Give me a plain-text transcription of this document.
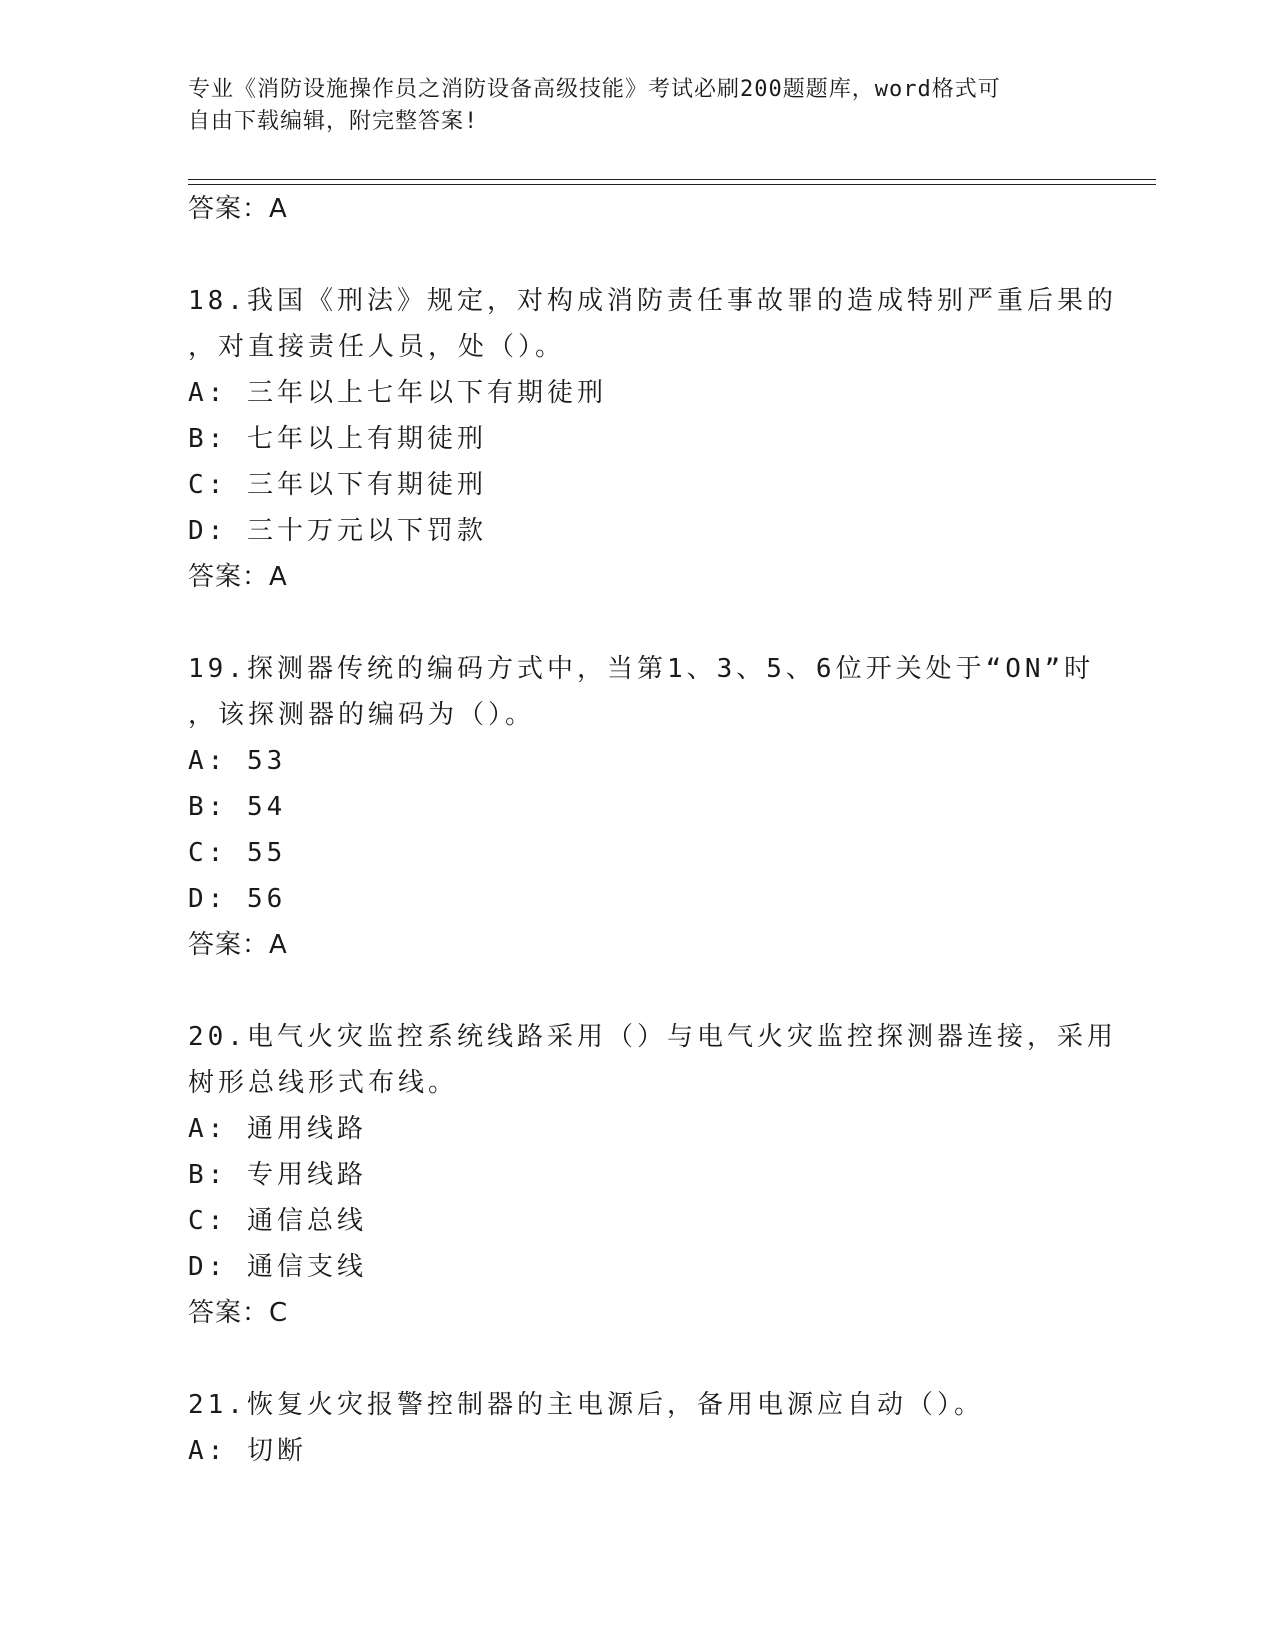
专业《消防设施操作员之消防设备高级技能》考试必刷200题题库，word格式可
自由下载编辑，附完整答案!
答案：A
18.我国《刑法》规定，对构成消防责任事故罪的造成特别严重后果的
，对直接责任人员，处（）。
A: 三年以上七年以下有期徒刑
B: 七年以上有期徒刑
C: 三年以下有期徒刑
D: 三十万元以下罚款
答案：A
19.探测器传统的编码方式中，当第1、3、5、6位开关处于“ON”时
，该探测器的编码为（）。
A: 53
B: 54
C: 55
D: 56
答案：A
20.电气火灾监控系统线路采用（）与电气火灾监控探测器连接，采用
树形总线形式布线。
A: 通用线路
B: 专用线路
C: 通信总线
D: 通信支线
答案：C
21.恢复火灾报警控制器的主电源后，备用电源应自动（）。
A: 切断
